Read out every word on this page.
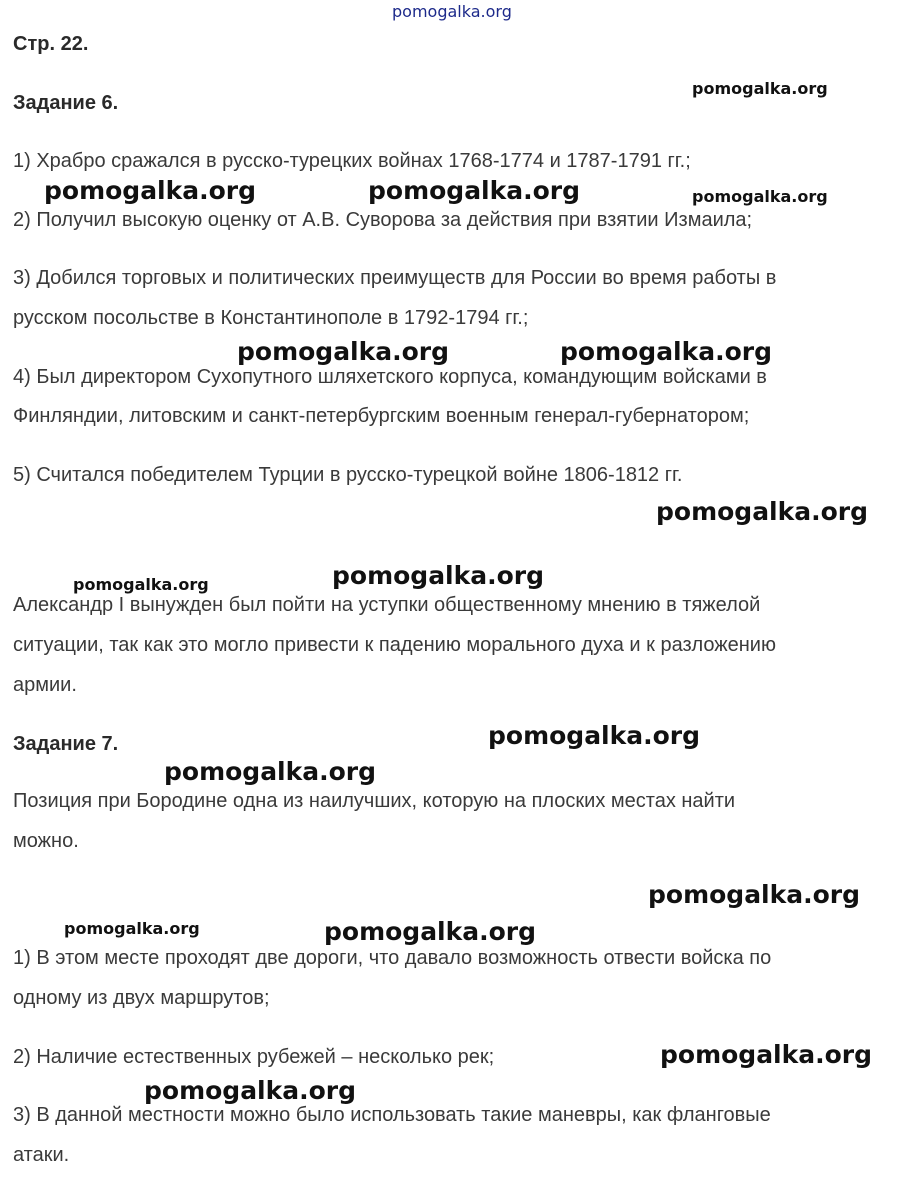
pomogalka.org
Стр. 22.
Задание 6.
1) Храбро сражался в русско-турецких войнах 1768-1774 и 1787-1791 гг.;
2) Получил высокую оценку от А.В. Суворова за действия при взятии Измаила;
3) Добился торговых и политических преимуществ для России во время работы в
русском посольстве в Константинополе в 1792-1794 гг.;
4) Был директором Сухопутного шляхетского корпуса, командующим войсками в
Финляндии, литовским и санкт-петербургским военным генерал-губернатором;
5) Считался победителем Турции в русско-турецкой войне 1806-1812 гг.
Александр I вынужден был пойти на уступки общественному мнению в тяжелой
ситуации, так как это могло привести к падению морального духа и к разложению
армии.
Задание 7.
Позиция при Бородине одна из наилучших, которую на плоских местах найти
можно.
1) В этом месте проходят две дороги, что давало возможность отвести войска по
одному из двух маршрутов;
2) Наличие естественных рубежей – несколько рек;
3) В данной местности можно было использовать такие маневры, как фланговые
атаки.
pomogalka.org
pomogalka.org	pomogalka.org	pomogalka.org
pomogalka.org	pomogalka.org
pomogalka.org
pomogalka.org	pomogalka.org
pomogalka.org
pomogalka.org
pomogalka.org
pomogalka.org	pomogalka.org
pomogalka.org
pomogalka.org
